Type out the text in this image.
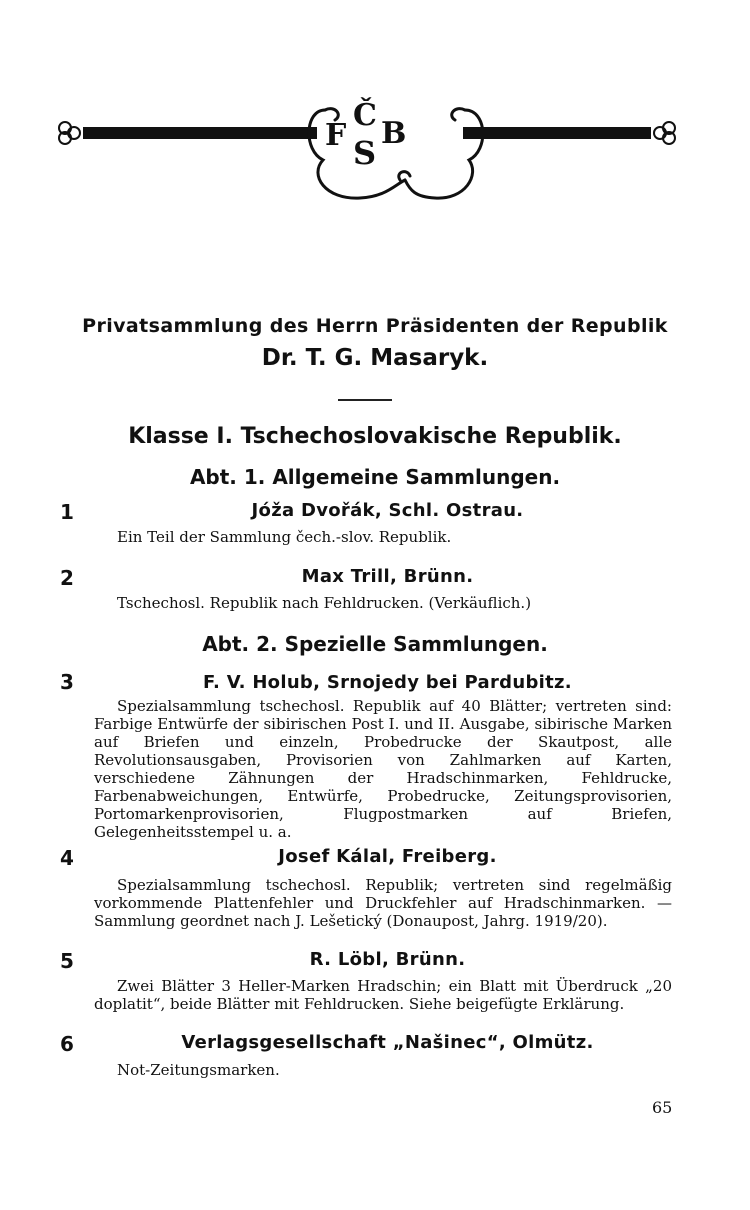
F
Č
S
B
Privatsammlung des Herrn Präsidenten der Republik
Dr. T. G. Masaryk.
Klasse I. Tschechoslovakische Republik.
Abt. 1. Allgemeine Sammlungen.
1	Jóža Dvořák, Schl. Ostrau.
Ein Teil der Sammlung čech.-slov. Republik.
2	Max Trill, Brünn.
Tschechosl. Republik nach Fehldrucken. (Verkäuflich.)
Abt. 2. Spezielle Sammlungen.
3	F. V. Holub, Srnojedy bei Pardubitz.
Spezialsammlung tschechosl. Republik auf 40 Blätter; vertreten sind: Farbige Entwürfe der sibirischen Post I. und II. Ausgabe, sibirische Marken auf Briefen und einzeln, Probedrucke der Skautpost, alle Revolutionsausgaben, Provisorien von Zahlmarken auf Karten, verschiedene Zähnungen der Hradschinmarken, Fehldrucke, Farbenabweichungen, Entwürfe, Probedrucke, Zeitungsprovisorien, Portomarkenprovisorien, Flugpostmarken auf Briefen, Gelegenheitsstempel u. a.
4	Josef Kálal, Freiberg.
Spezialsammlung tschechosl. Republik; vertreten sind regelmäßig vorkommende Plattenfehler und Druckfehler auf Hradschinmarken. — Sammlung geordnet nach J. Lešetický (Donaupost, Jahrg. 1919/20).
5	R. Löbl, Brünn.
Zwei Blätter 3 Heller-Marken Hradschin; ein Blatt mit Überdruck „20 doplatit“, beide Blätter mit Fehldrucken. Siehe beigefügte Erklärung.
6	Verlagsgesellschaft „Našinec“, Olmütz.
Not-Zeitungsmarken.
65
